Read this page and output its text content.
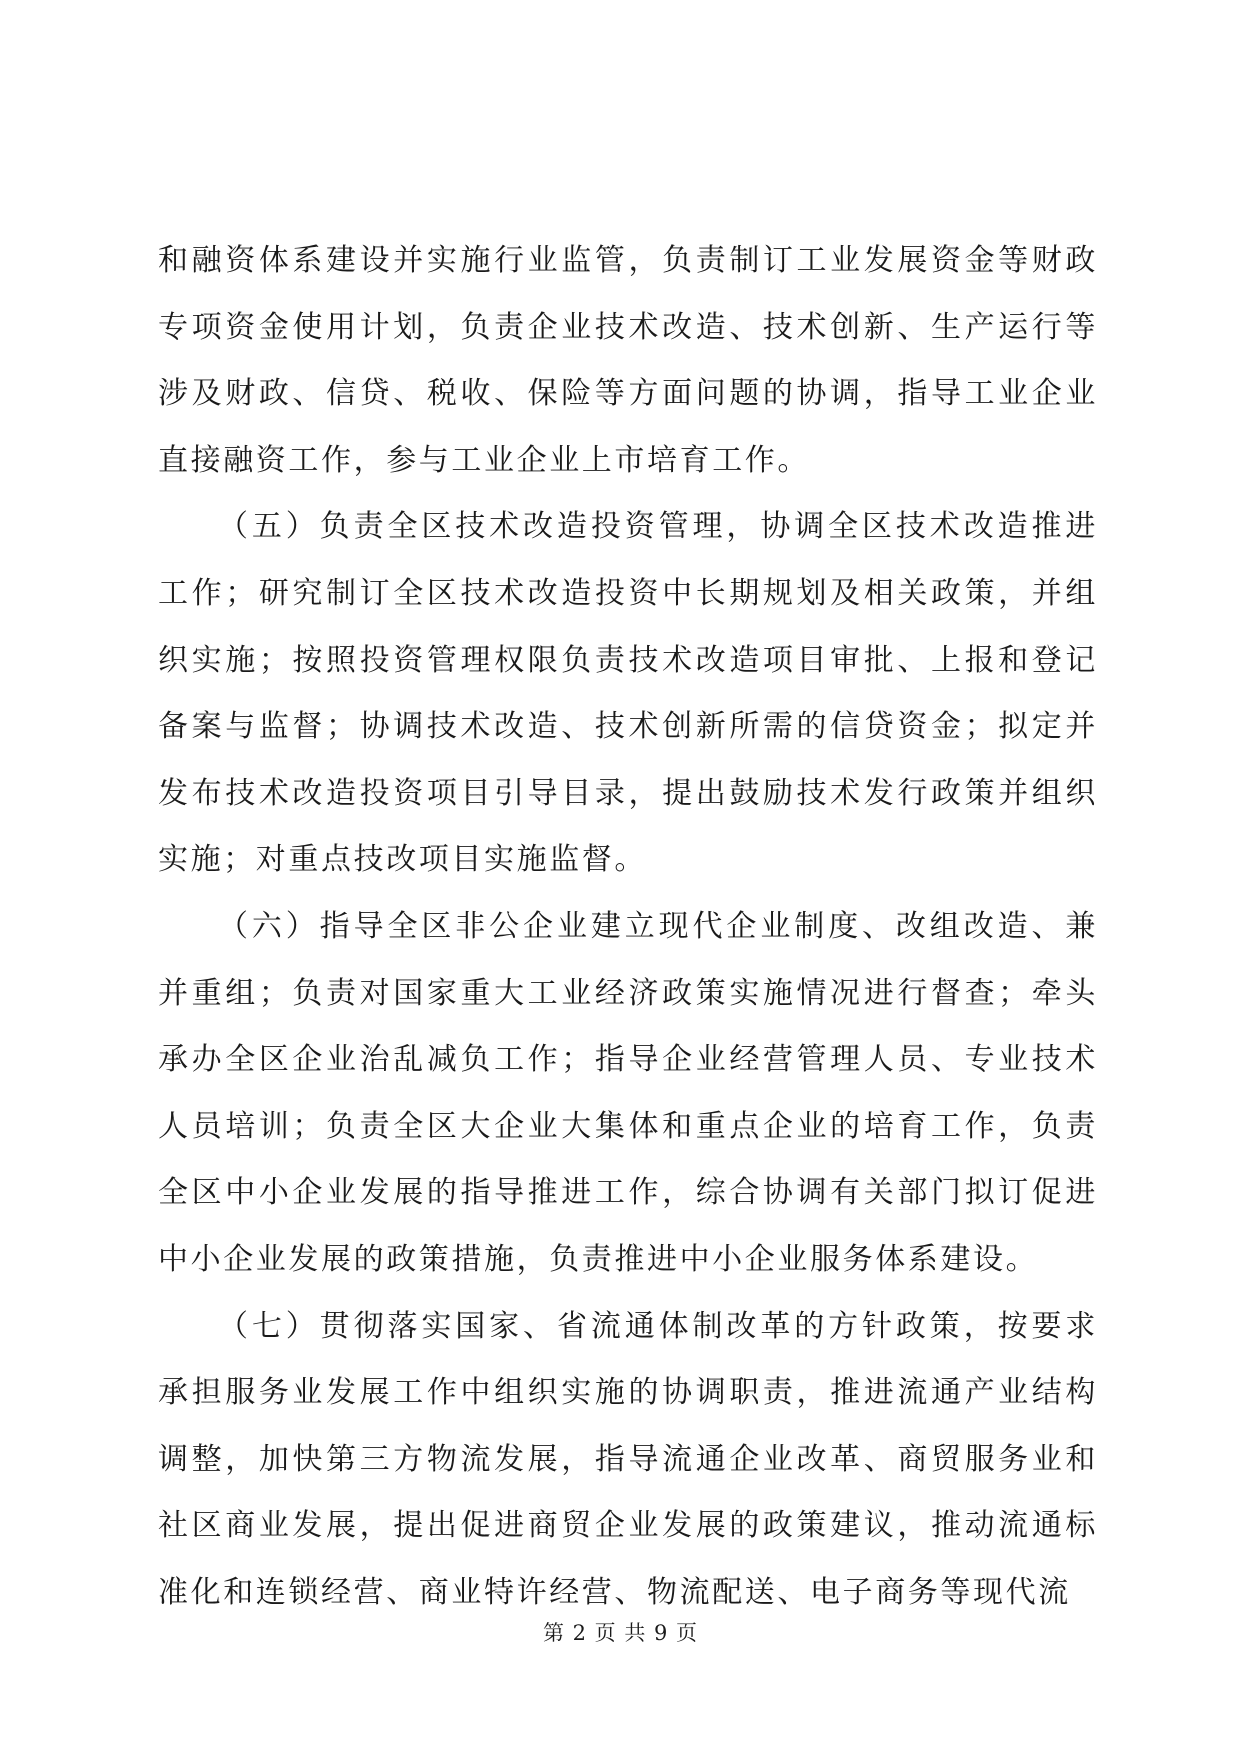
和融资体系建设并实施行业监管，负责制订工业发展资金等财政专项资金使用计划，负责企业技术改造、技术创新、生产运行等涉及财政、信贷、税收、保险等方面问题的协调，指导工业企业直接融资工作，参与工业企业上市培育工作。

（五）负责全区技术改造投资管理，协调全区技术改造推进工作；研究制订全区技术改造投资中长期规划及相关政策，并组织实施；按照投资管理权限负责技术改造项目审批、上报和登记备案与监督；协调技术改造、技术创新所需的信贷资金；拟定并发布技术改造投资项目引导目录，提出鼓励技术发行政策并组织实施；对重点技改项目实施监督。

（六）指导全区非公企业建立现代企业制度、改组改造、兼并重组；负责对国家重大工业经济政策实施情况进行督查；牵头承办全区企业治乱减负工作；指导企业经营管理人员、专业技术人员培训；负责全区大企业大集体和重点企业的培育工作，负责全区中小企业发展的指导推进工作，综合协调有关部门拟订促进中小企业发展的政策措施，负责推进中小企业服务体系建设。

（七）贯彻落实国家、省流通体制改革的方针政策，按要求承担服务业发展工作中组织实施的协调职责，推进流通产业结构调整，加快第三方物流发展，指导流通企业改革、商贸服务业和社区商业发展，提出促进商贸企业发展的政策建议，推动流通标准化和连锁经营、商业特许经营、物流配送、电子商务等现代流

第 2 页 共 9 页
